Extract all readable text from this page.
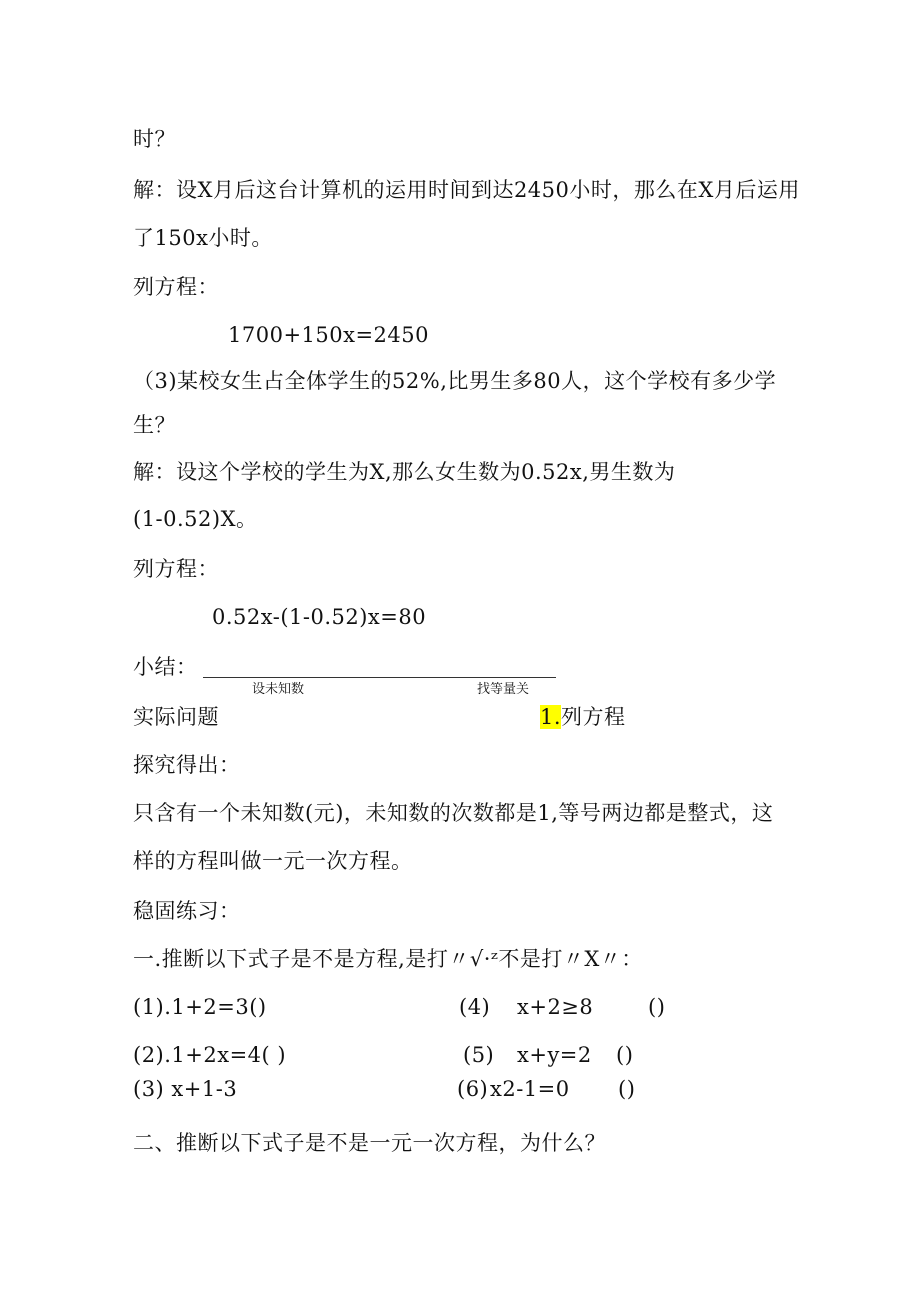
时？
解：设X月后这台计算机的运用时间到达2450小时，那么在X月后运用
了150x小时。
列方程：
1700+150x=2450
（3)某校女生占全体学生的52%,比男生多80人，这个学校有多少学
生？
解：设这个学校的学生为X,那么女生数为0.52x,男生数为
(1-0.52)X。
列方程：
0.52x-(1-0.52)x=80
小结：
设未知数	找等量关
实际问题	1.列方程
探究得出：
只含有一个未知数(元)，未知数的次数都是1,等号两边都是整式，这
样的方程叫做一元一次方程。
稳固练习：
一.推断以下式子是不是方程,是打〃√·ᶻ不是打〃X〃：
(1).1+2=3()	(4) x+2≥8	()
(2).1+2x=4( )	(5) x+y=2 ()
(3) x+1-3	(6) x2-1=0 ()
二、推断以下式子是不是一元一次方程，为什么？
